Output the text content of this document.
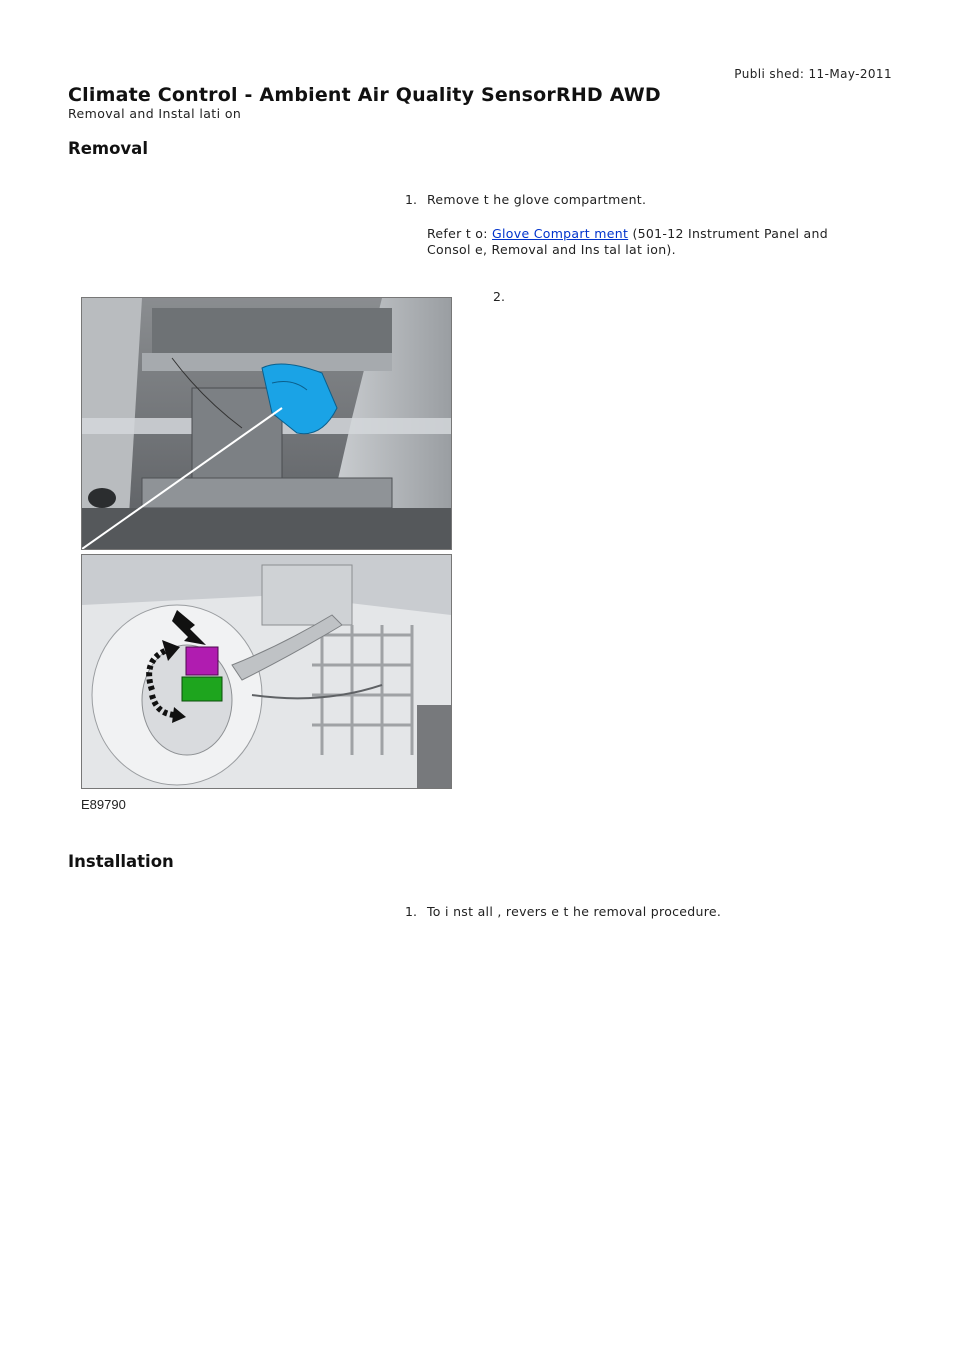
Publi shed: 11-May-2011
Climate Control - Ambient Air Quality SensorRHD AWD
Removal and Instal lati on
Removal
1. Remove t he glove compartment.
Refer t o: Glove Compart ment (501-12 Instrument Panel and
Consol e, Removal and Ins tal lat ion).
2.
E89790
Installation
1. To i nst all , revers e t he removal procedure.
